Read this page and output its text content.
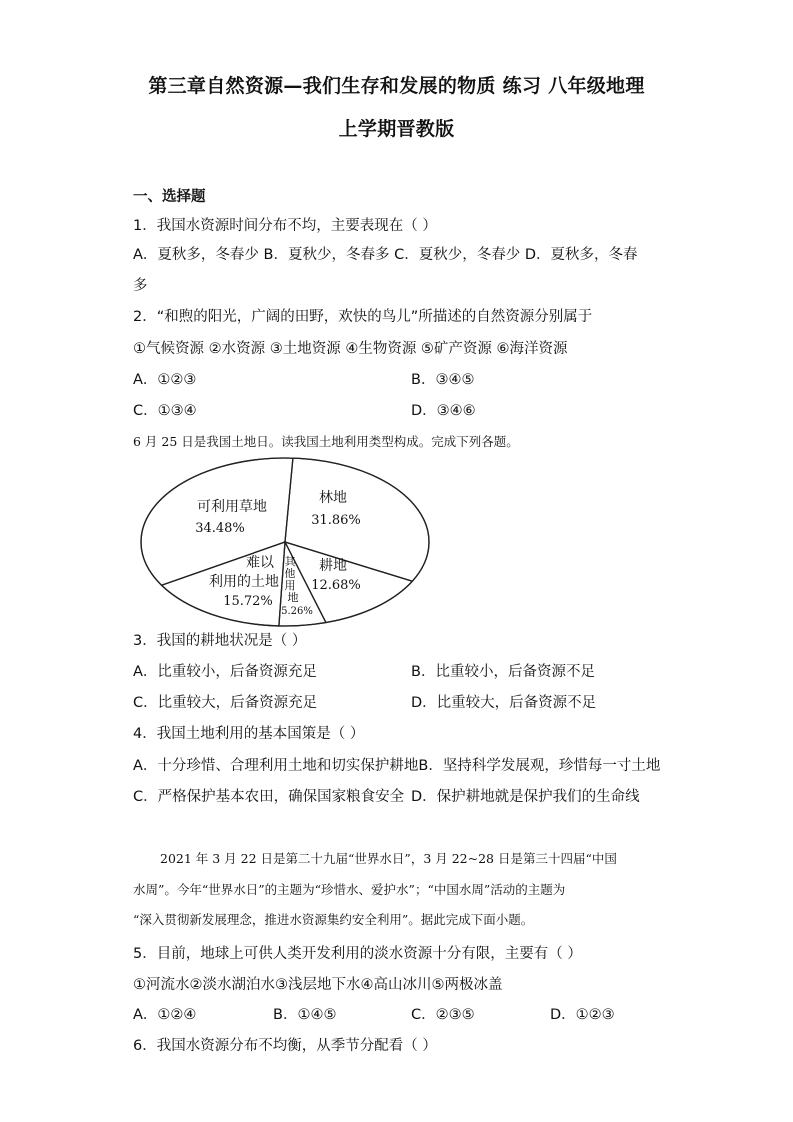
第三章自然资源—我们生存和发展的物质 练习 八年级地理
上学期晋教版
一、选择题
1．我国水资源时间分布不均，主要表现在（ ）
A．夏秋多，冬春少 B．夏秋少，冬春多 C．夏秋少，冬春少 D．夏秋多，冬春
多
2．“和煦的阳光，广阔的田野，欢快的鸟儿”所描述的自然资源分别属于
①气候资源 ②水资源 ③土地资源 ④生物资源 ⑤矿产资源 ⑥海洋资源
A．①②③	B．③④⑤
C．①③④	D．③④⑥
6 月 25 日是我国土地日。读我国土地利用类型构成。完成下列各题。
可利用草地
34.48%
林地
31.86%
耕地
12.68%
难以
利用的土地
15.72%
其
他
用
地
5.26%
3．我国的耕地状况是（ ）
A．比重较小，后备资源充足	B．比重较小，后备资源不足
C．比重较大，后备资源充足	D．比重较大，后备资源不足
4．我国土地利用的基本国策是（ ）
A．十分珍惜、合理利用土地和切实保护耕地B．坚持科学发展观，珍惜每一寸土地
C．严格保护基本农田，确保国家粮食安全 D．保护耕地就是保护我们的生命线
2021 年 3 月 22 日是第二十九届“世界水日”，3 月 22~28 日是第三十四届“中国
水周”。今年“世界水日”的主题为“珍惜水、爱护水”；“中国水周”活动的主题为
“深入贯彻新发展理念，推进水资源集约安全利用”。据此完成下面小题。
5．目前，地球上可供人类开发利用的淡水资源十分有限，主要有（ ）
①河流水②淡水湖泊水③浅层地下水④高山冰川⑤两极冰盖
A．①②④	B．①④⑤	C．②③⑤	D．①②③
6．我国水资源分布不均衡，从季节分配看（ ）
